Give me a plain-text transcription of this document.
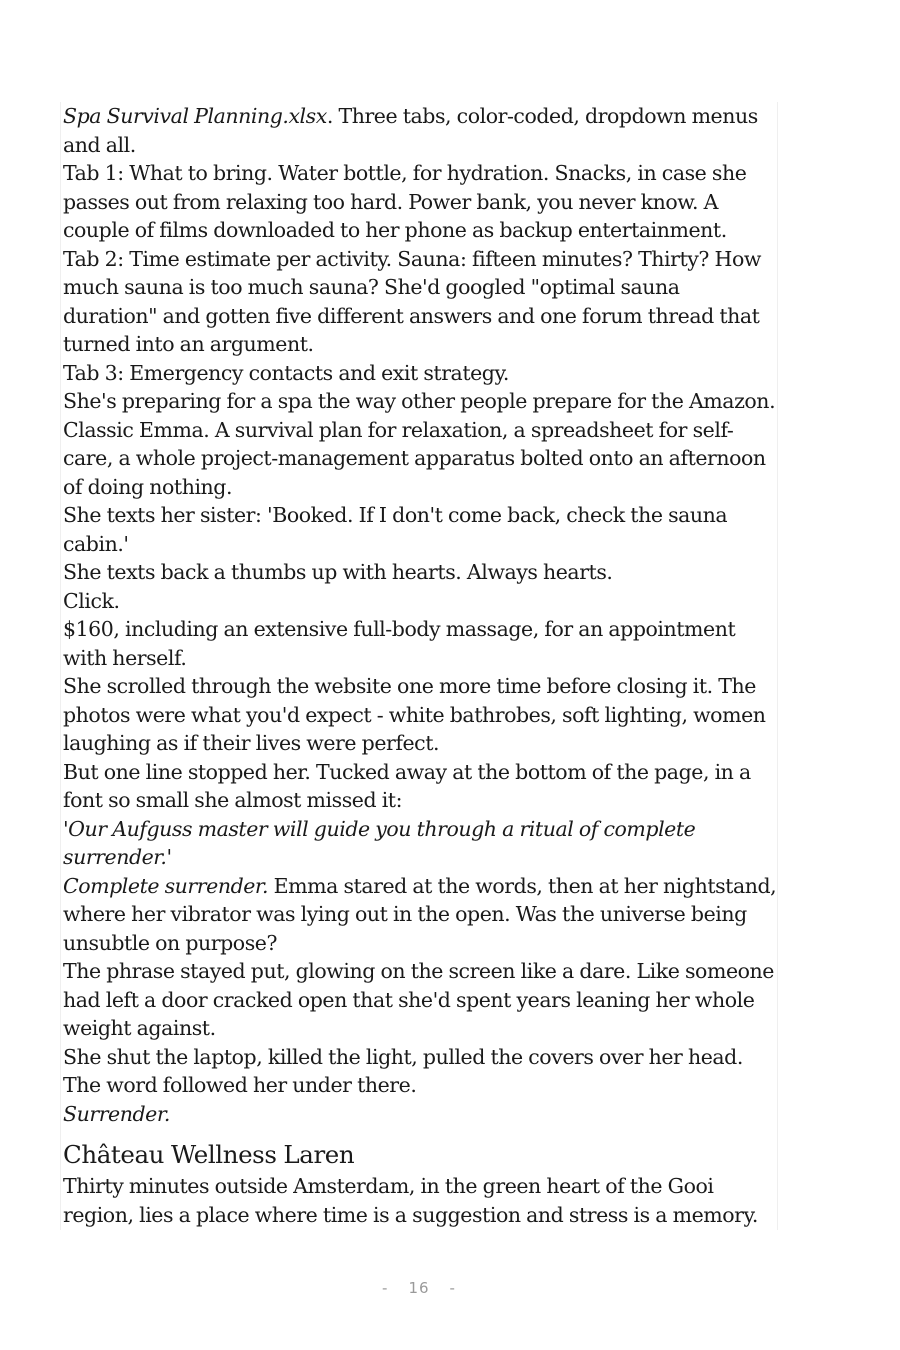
Spa Survival Planning.xlsx. Three tabs, color-coded, dropdown menus and all.

Tab 1: What to bring. Water bottle, for hydration. Snacks, in case she passes out from relaxing too hard. Power bank, you never know. A couple of films downloaded to her phone as backup entertainment.

Tab 2: Time estimate per activity. Sauna: fifteen minutes? Thirty? How much sauna is too much sauna? She'd googled "optimal sauna duration" and gotten five different answers and one forum thread that turned into an argument.

Tab 3: Emergency contacts and exit strategy.

She's preparing for a spa the way other people prepare for the Amazon. Classic Emma. A survival plan for relaxation, a spreadsheet for self-care, a whole project-management apparatus bolted onto an afternoon of doing nothing.

She texts her sister: 'Booked. If I don't come back, check the sauna cabin.'

She texts back a thumbs up with hearts. Always hearts.

Click.

$160, including an extensive full-body massage, for an appointment with herself.

She scrolled through the website one more time before closing it. The photos were what you'd expect - white bathrobes, soft lighting, women laughing as if their lives were perfect.

But one line stopped her. Tucked away at the bottom of the page, in a font so small she almost missed it:

'Our Aufguss master will guide you through a ritual of complete surrender.'

Complete surrender. Emma stared at the words, then at her nightstand, where her vibrator was lying out in the open. Was the universe being unsubtle on purpose?

The phrase stayed put, glowing on the screen like a dare. Like someone had left a door cracked open that she'd spent years leaning her whole weight against.

She shut the laptop, killed the light, pulled the covers over her head.

The word followed her under there.

Surrender.

Château Wellness Laren

Thirty minutes outside Amsterdam, in the green heart of the Gooi region, lies a place where time is a suggestion and stress is a memory.

- 16 -
